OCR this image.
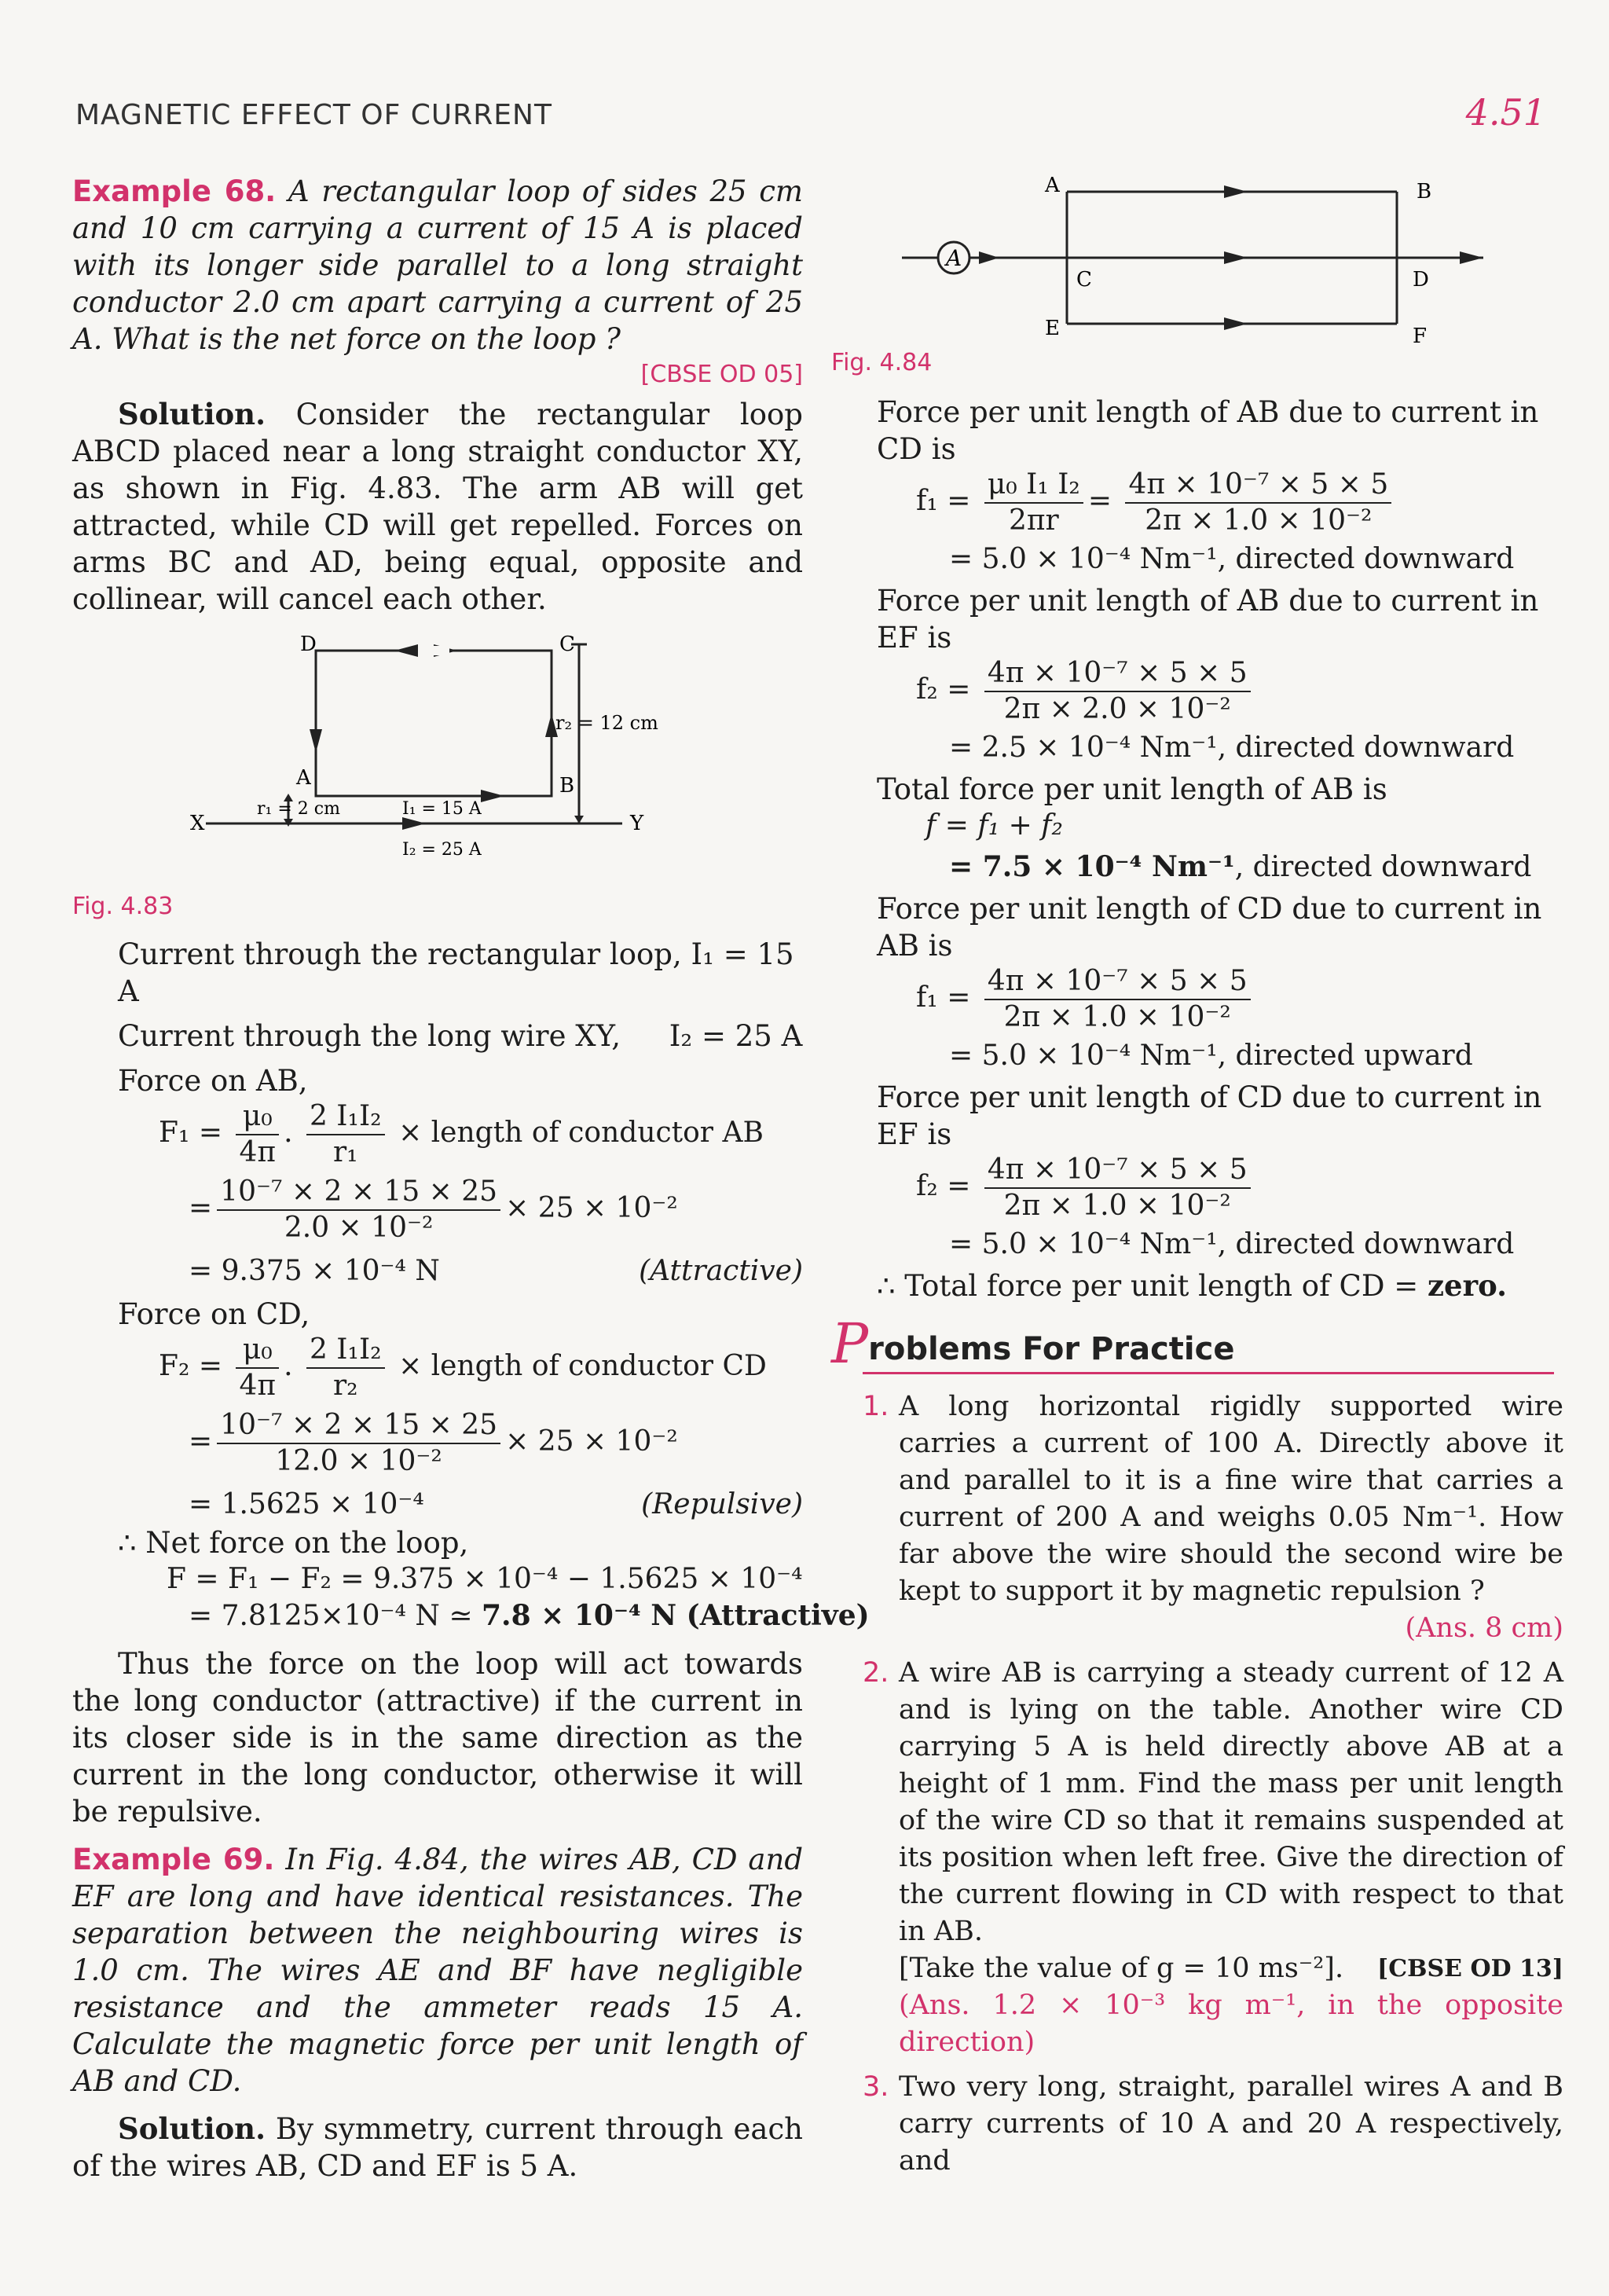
MAGNETIC EFFECT OF CURRENT	4.51

Example 68. A rectangular loop of sides 25 cm and 10 cm carrying a current of 15 A is placed with its longer side parallel to a long straight conductor 2.0 cm apart carrying a current of 25 A. What is the net force on the loop ?

[CBSE OD 05]

Solution. Consider the rectangular loop ABCD placed near a long straight conductor XY, as shown in Fig. 4.83. The arm AB will get attracted, while CD will get repelled. Forces on arms BC and AD, being equal, opposite and collinear, will cancel each other.

D	C
A	B
X	Y
r₂ = 12 cm
r₁ = 2 cm	I₁ = 15 A
I₂ = 25 A
Fig. 4.83

Current through the rectangular loop, I₁ = 15 A

Current through the long wire XY, I₂ = 25 A

Force on AB,

$F_1 = \frac{\text{μ₀}}{4\pi}$ . $\frac{\text{2 I₁I₂}}{\text{r₁}}$ × length of conductor AB
= $\frac{\text{10⁻⁷ × 2 × 15 × 25}}{\text{2.0 × 10⁻²}} \times 25 \times 10^{-2}$
= 9.375 × 10⁻⁴ N	(Attractive)

Force on CD,

$F_2 = \frac{\text{μ₀}}{4\pi}$ . $\frac{\text{2 I₁I₂}}{\text{r₂}}$ × length of conductor CD
= $\frac{\text{10⁻⁷ × 2 × 15 × 25}}{\text{12.0 × 10⁻²}} \times 25 \times 10^{-2}$
= 1.5625 × 10⁻⁴	(Repulsive)

∴ Net force on the loop,

F = F₁ − F₂ = 9.375 × 10⁻⁴ − 1.5625 × 10⁻⁴
= 7.8125×10⁻⁴ N ≃ 7.8 × 10⁻⁴ N (Attractive)

Thus the force on the loop will act towards the long conductor (attractive) if the current in its closer side is in the same direction as the current in the long conductor, otherwise it will be repulsive.

Example 69. In Fig. 4.84, the wires AB, CD and EF are long and have identical resistances. The separation between the neighbouring wires is 1.0 cm. The wires AE and BF have negligible resistance and the ammeter reads 15 A. Calculate the magnetic force per unit length of AB and CD.

Solution. By symmetry, current through each of the wires AB, CD and EF is 5 A.

A
A	B
C	D
E	F
Fig. 4.84

Force per unit length of AB due to current in CD is

$f_1 = \frac{\text{μ₀ I₁ I₂}}{2\pi r} = \frac{\text{4π × 10⁻⁷ × 5 × 5}}{\text{2π × 1.0 × 10⁻²}}$
= 5.0 × 10⁻⁴ Nm⁻¹, directed downward

Force per unit length of AB due to current in EF is

$f_2 = \frac{\text{4π × 10⁻⁷ × 5 × 5}}{\text{2π × 2.0 × 10⁻²}}$
= 2.5 × 10⁻⁴ Nm⁻¹, directed downward

Total force per unit length of AB is

f = f₁ + f₂
= 7.5 × 10⁻⁴ Nm⁻¹, directed downward

Force per unit length of CD due to current in AB is

$f_1 = \frac{\text{4π × 10⁻⁷ × 5 × 5}}{\text{2π × 1.0 × 10⁻²}}$
= 5.0 × 10⁻⁴ Nm⁻¹, directed upward

Force per unit length of CD due to current in EF is

$f_2 = \frac{\text{4π × 10⁻⁷ × 5 × 5}}{\text{2π × 1.0 × 10⁻²}}$
= 5.0 × 10⁻⁴ Nm⁻¹, directed downward

∴ Total force per unit length of CD = zero.

P roblems For Practice
1. A long horizontal rigidly supported wire carries a current of 100 A. Directly above it and parallel to it is a fine wire that carries a current of 200 A and weighs 0.05 Nm⁻¹. How far above the wire should the second wire be kept to support it by magnetic repulsion ?
(Ans. 8 cm)
2. A wire AB is carrying a steady current of 12 A and is lying on the table. Another wire CD carrying 5 A is held directly above AB at a height of 1 mm. Find the mass per unit length of the wire CD so that it remains suspended at its position when left free. Give the direction of the current flowing in CD with respect to that in AB.

[Take the value of g = 10 ms⁻²]. [CBSE OD 13]
(Ans. 1.2 × 10⁻³ kg m⁻¹, in the opposite direction)
3. Two very long, straight, parallel wires A and B carry currents of 10 A and 20 A respectively, and
